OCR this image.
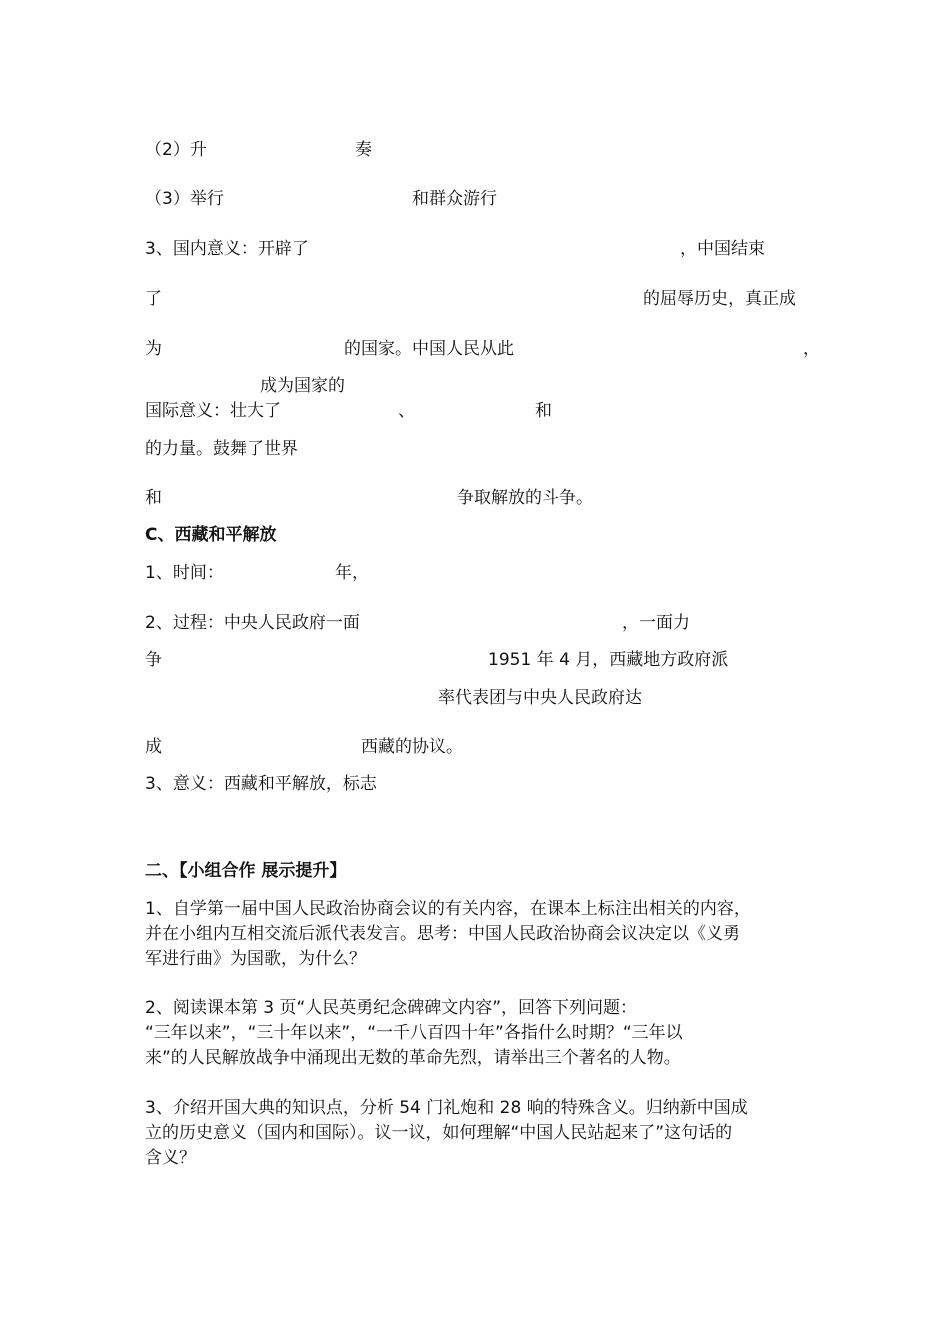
（2）升	奏
（3）举行	和群众游行
3、国内意义：开辟了	，中国结束
了	的屈辱历史，真正成
为	的国家。中国人民从此	，
成为国家的
国际意义：壮大了	、	和
的力量。鼓舞了世界
和	争取解放的斗争。
C、西藏和平解放
1、时间：	年，
2、过程：中央人民政府一面	，一面力
争	1951 年 4 月，西藏地方政府派
率代表团与中央人民政府达
成	西藏的协议。
3、意义：西藏和平解放，标志
二、【小组合作 展示提升】
1、自学第一届中国人民政治协商会议的有关内容，在课本上标注出相关的内容，
并在小组内互相交流后派代表发言。思考：中国人民政治协商会议决定以《义勇
军进行曲》为国歌，为什么？
2、阅读课本第 3 页“人民英勇纪念碑碑文内容”，回答下列问题：
“三年以来”，“三十年以来”，“一千八百四十年”各指什么时期？“三年以
来”的人民解放战争中涌现出无数的革命先烈，请举出三个著名的人物。
3、介绍开国大典的知识点，分析 54 门礼炮和 28 响的特殊含义。归纳新中国成
立的历史意义（国内和国际）。议一议，如何理解“中国人民站起来了”这句话的
含义？
